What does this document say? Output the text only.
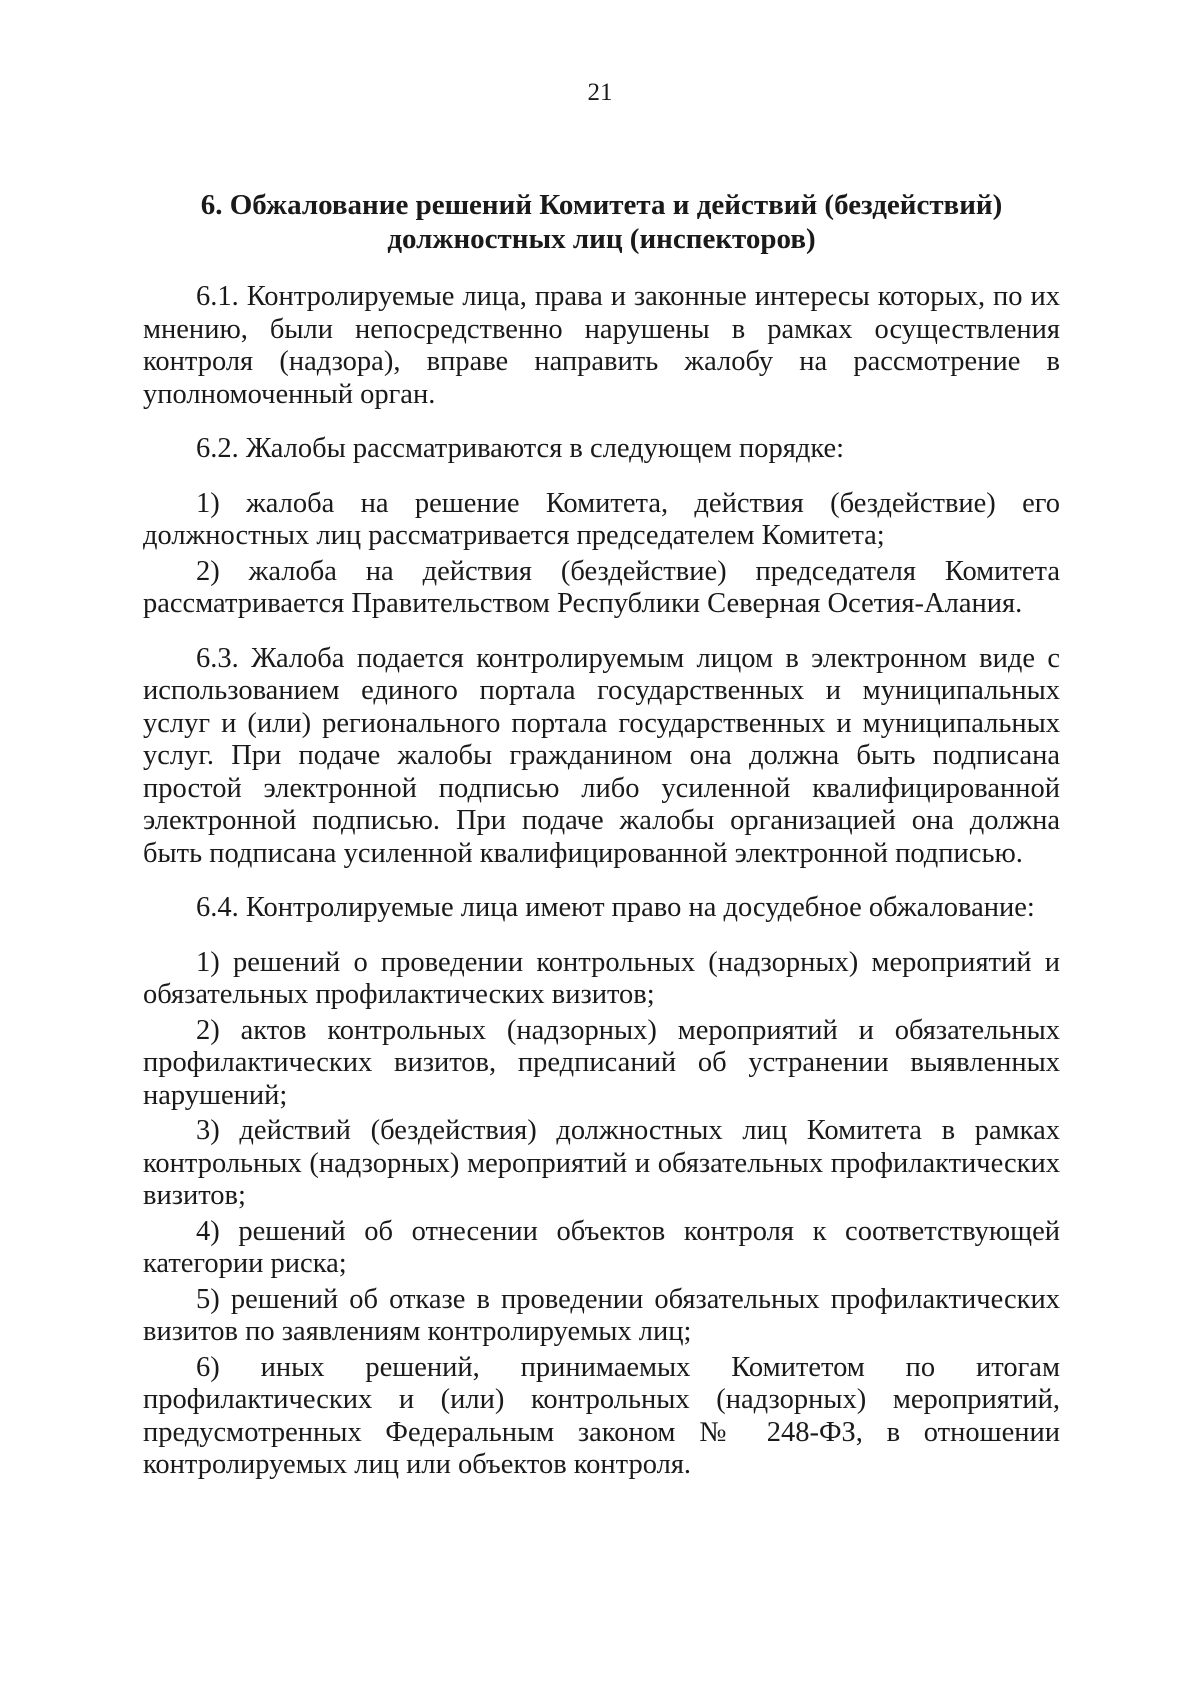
21
6. Обжалование решений Комитета и действий (бездействий)
должностных лиц (инспекторов)

6.1. Контролируемые лица, права и законные интересы которых, по их мнению, были непосредственно нарушены в рамках осуществления контроля (надзора), вправе направить жалобу на рассмотрение в уполномоченный орган.

6.2. Жалобы рассматриваются в следующем порядке:

1) жалоба на решение Комитета, действия (бездействие) его должностных лиц рассматривается председателем Комитета;

2) жалоба на действия (бездействие) председателя Комитета рассматривается Правительством Республики Северная Осетия-Алания.

6.3. Жалоба подается контролируемым лицом в электронном виде с использованием единого портала государственных и муниципальных услуг и (или) регионального портала государственных и муниципальных услуг. При подаче жалобы гражданином она должна быть подписана простой электронной подписью либо усиленной квалифицированной электронной подписью. При подаче жалобы организацией она должна быть подписана усиленной квалифицированной электронной подписью.

6.4. Контролируемые лица имеют право на досудебное обжалование:

1) решений о проведении контрольных (надзорных) мероприятий и обязательных профилактических визитов;

2) актов контрольных (надзорных) мероприятий и обязательных профилактических визитов, предписаний об устранении выявленных нарушений;

3) действий (бездействия) должностных лиц Комитета в рамках контрольных (надзорных) мероприятий и обязательных профилактических визитов;

4) решений об отнесении объектов контроля к соответствующей категории риска;

5) решений об отказе в проведении обязательных профилактических визитов по заявлениям контролируемых лиц;

6) иных решений, принимаемых Комитетом по итогам профилактических и (или) контрольных (надзорных) мероприятий, предусмотренных Федеральным законом № 248-ФЗ, в отношении контролируемых лиц или объектов контроля.
